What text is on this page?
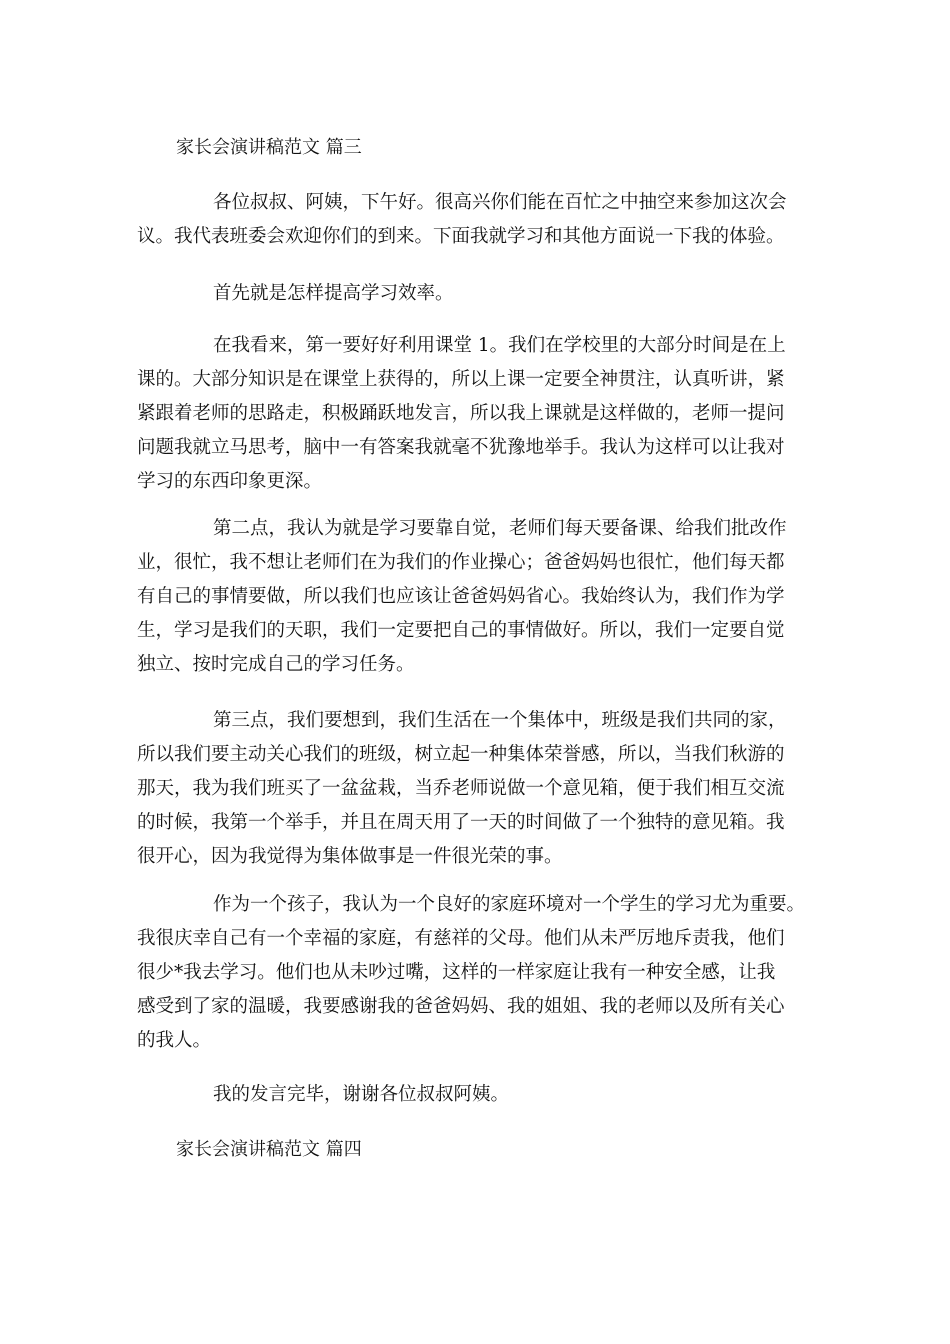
家长会演讲稿范文 篇三
各位叔叔、阿姨，下午好。很高兴你们能在百忙之中抽空来参加这次会
议。我代表班委会欢迎你们的到来。下面我就学习和其他方面说一下我的体验。
首先就是怎样提高学习效率。
在我看来，第一要好好利用课堂 1。我们在学校里的大部分时间是在上
课的。大部分知识是在课堂上获得的，所以上课一定要全神贯注，认真听讲，紧
紧跟着老师的思路走，积极踊跃地发言，所以我上课就是这样做的，老师一提问
问题我就立马思考，脑中一有答案我就毫不犹豫地举手。我认为这样可以让我对
学习的东西印象更深。
第二点，我认为就是学习要靠自觉，老师们每天要备课、给我们批改作
业，很忙，我不想让老师们在为我们的作业操心；爸爸妈妈也很忙，他们每天都
有自己的事情要做，所以我们也应该让爸爸妈妈省心。我始终认为，我们作为学
生，学习是我们的天职，我们一定要把自己的事情做好。所以，我们一定要自觉
独立、按时完成自己的学习任务。
第三点，我们要想到，我们生活在一个集体中，班级是我们共同的家，
所以我们要主动关心我们的班级，树立起一种集体荣誉感，所以，当我们秋游的
那天，我为我们班买了一盆盆栽，当乔老师说做一个意见箱，便于我们相互交流
的时候，我第一个举手，并且在周天用了一天的时间做了一个独特的意见箱。我
很开心，因为我觉得为集体做事是一件很光荣的事。
作为一个孩子，我认为一个良好的家庭环境对一个学生的学习尤为重要。
我很庆幸自己有一个幸福的家庭，有慈祥的父母。他们从未严厉地斥责我，他们
很少*我去学习。他们也从未吵过嘴，这样的一样家庭让我有一种安全感，让我
感受到了家的温暖，我要感谢我的爸爸妈妈、我的姐姐、我的老师以及所有关心
的我人。
我的发言完毕，谢谢各位叔叔阿姨。
家长会演讲稿范文 篇四
